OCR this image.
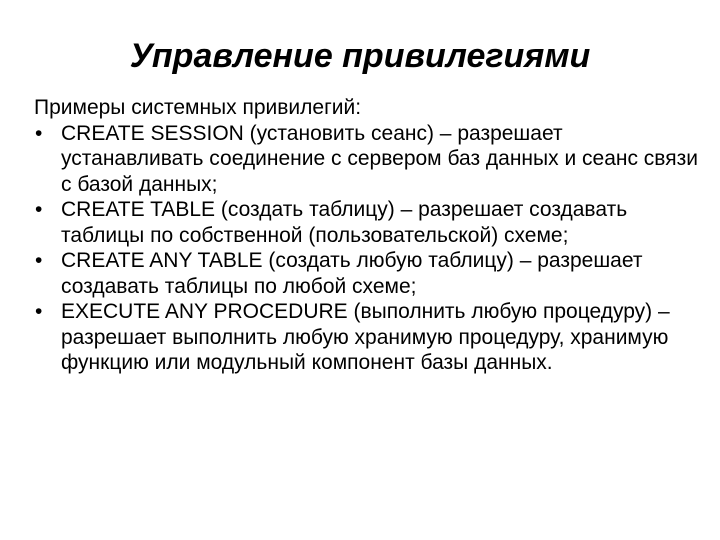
Управление привилегиями

Примеры системных привилегий:

• CREATE SESSION (установить сеанс) – разрешает устанавливать соединение с сервером баз данных и сеанс связи с базой данных;
• CREATE TABLE (создать таблицу) – разрешает создавать таблицы по собственной (пользовательской) схеме;
• CREATE ANY TABLE (создать любую таблицу) – разрешает создавать таблицы по любой схеме;
• EXECUTE ANY PROCEDURE (выполнить любую процедуру) – разрешает выполнить любую хранимую процедуру, хранимую функцию или модульный компонент базы данных.
